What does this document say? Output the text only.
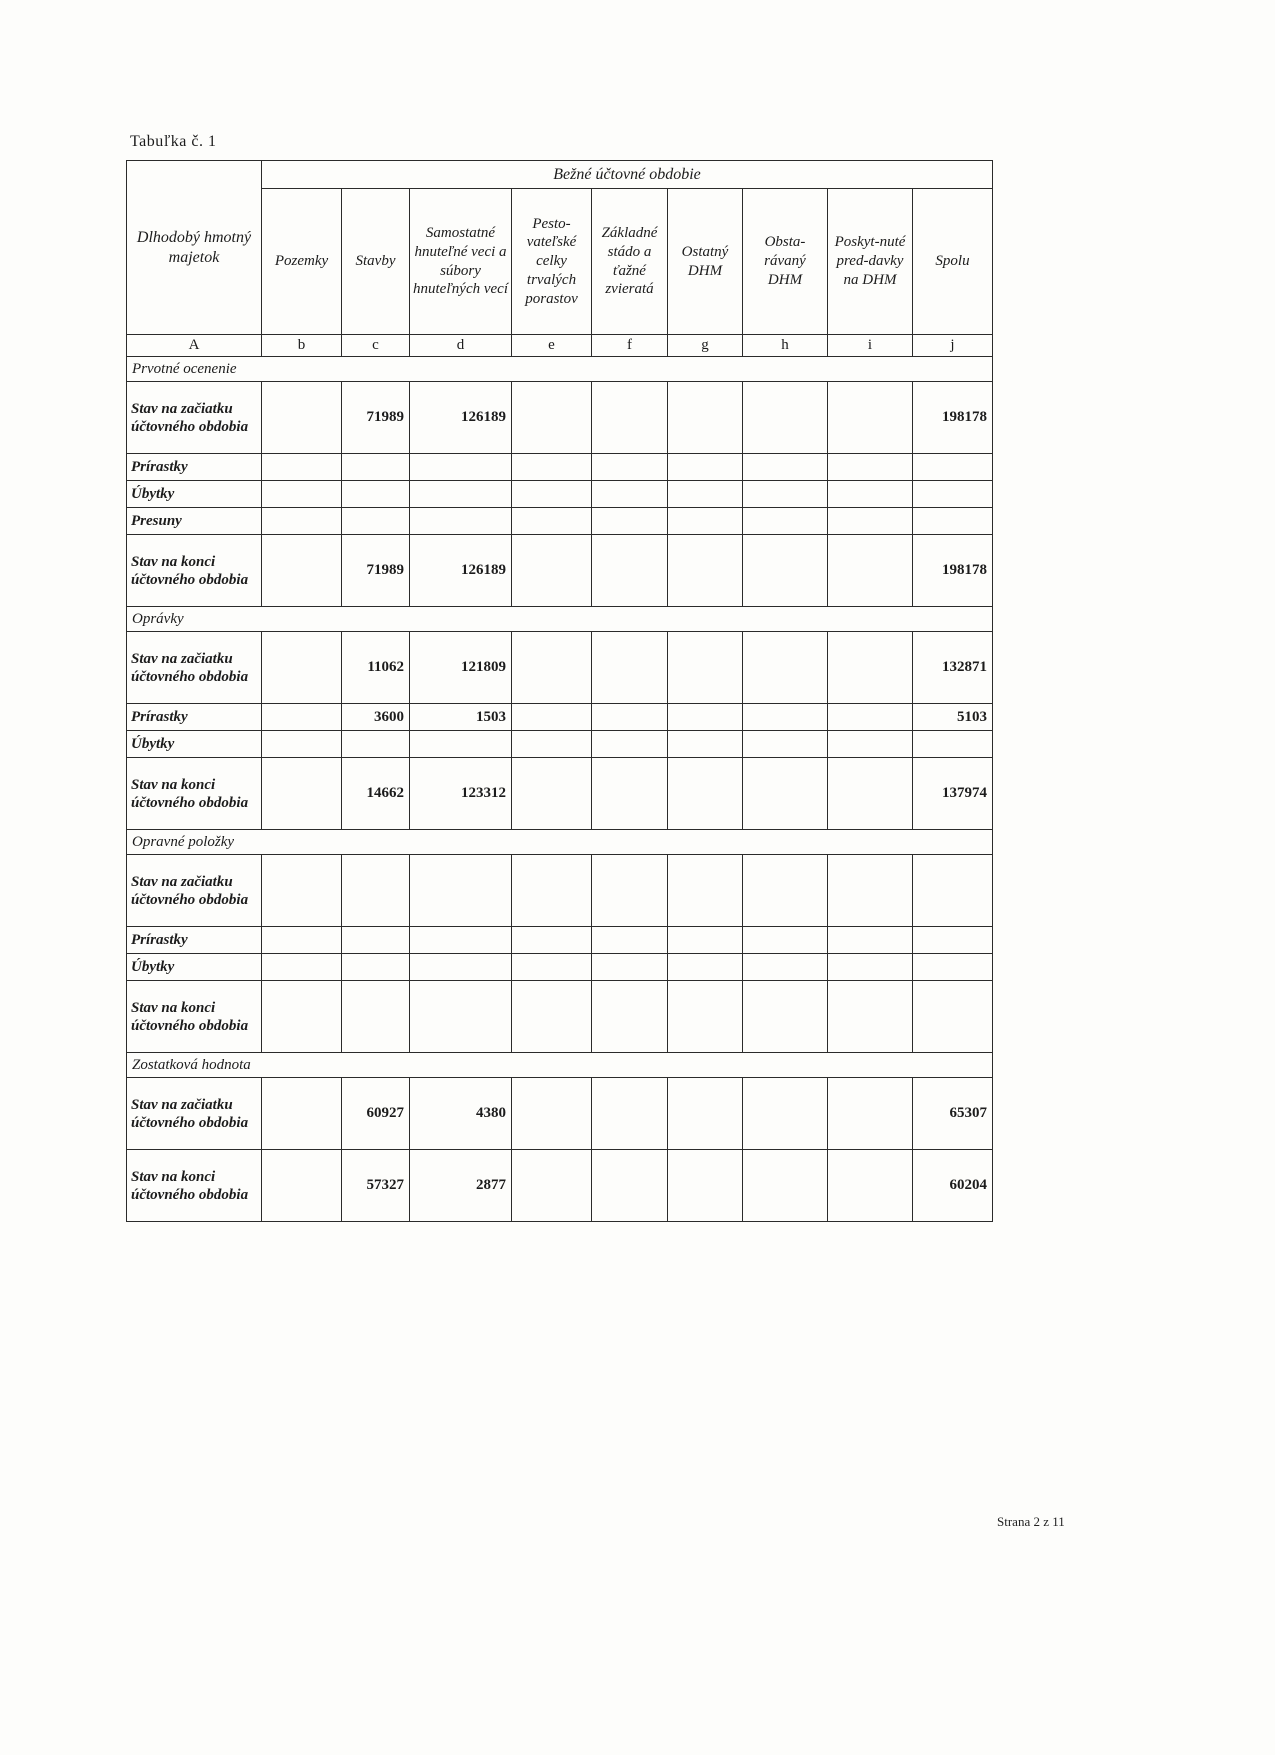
Tabuľka č. 1
Dlhodobý hmotný majetok	Bežné účtovné obdobie								
	Pozemky	Stavby	Samostatné hnuteľné veci a súbory hnuteľných vecí	Pesto-vateľské celky trvalých porastov	Základné stádo a ťažné zvieratá	Ostatný DHM	Obsta-rávaný DHM	Poskyt-nuté pred-davky na DHM	Spolu
A	b	c	d	e	f	g	h	i	j
Prvotné ocenenie									
Stav na začiatku účtovného obdobia		71989	126189						198178
Prírastky									
Úbytky									
Presuny									
Stav na konci účtovného obdobia		71989	126189						198178
Oprávky									
Stav na začiatku účtovného obdobia		11062	121809						132871
Prírastky		3600	1503						5103
Úbytky									
Stav na konci účtovného obdobia		14662	123312						137974
Opravné položky									
Stav na začiatku účtovného obdobia									
Prírastky									
Úbytky									
Stav na konci účtovného obdobia									
Zostatková hodnota									
Stav na začiatku účtovného obdobia		60927	4380						65307
Stav na konci účtovného obdobia		57327	2877						60204
Strana 2 z 11
